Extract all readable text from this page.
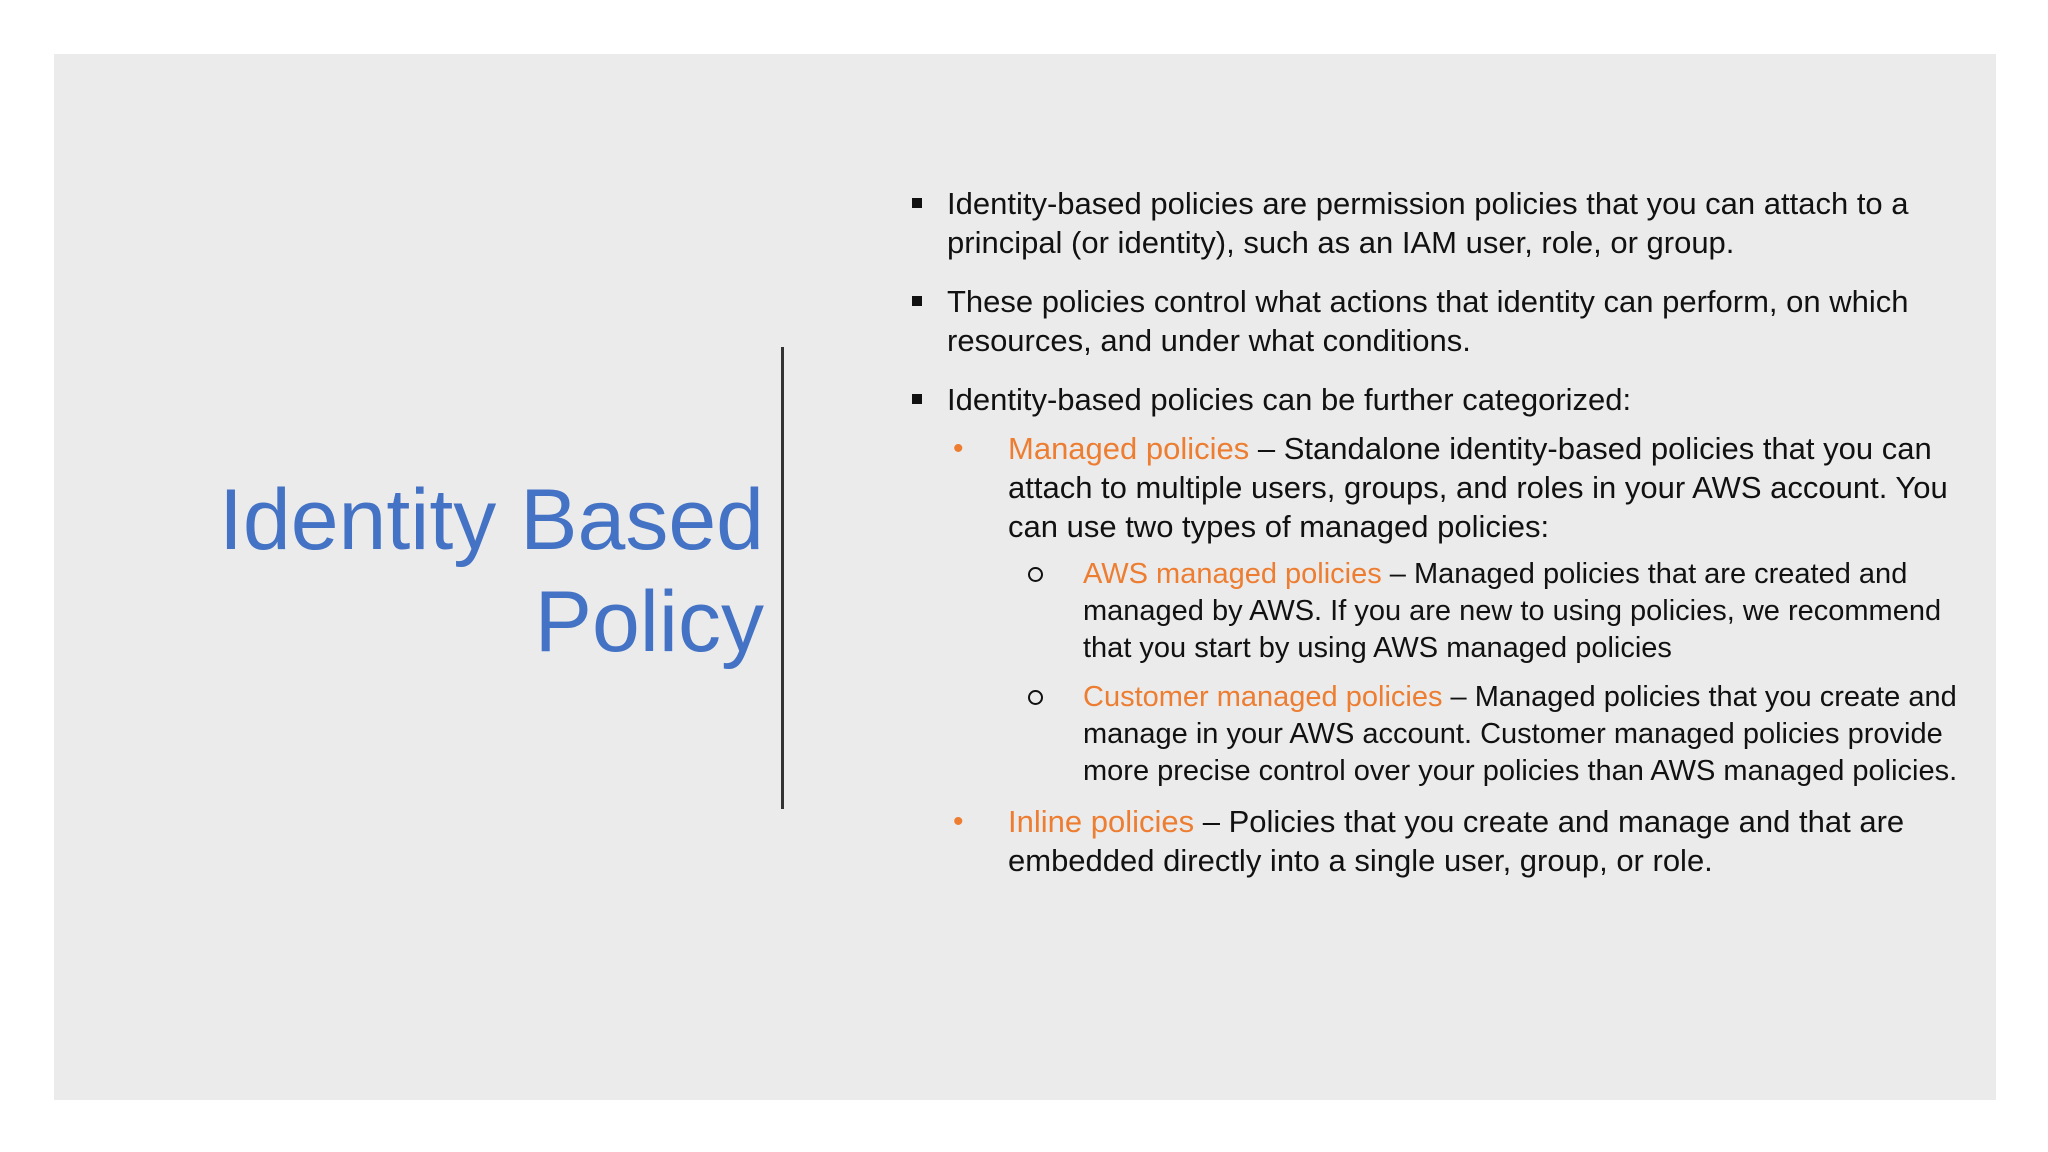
Identity Based
Policy
Identity-based policies are permission policies that you can attach to a principal (or identity), such as an IAM user, role, or group.
These policies control what actions that identity can perform, on which resources, and under what conditions.
Identity-based policies can be further categorized:
• Managed policies – Standalone identity-based policies that you can attach to multiple users, groups, and roles in your AWS account. You can use two types of managed policies:
AWS managed policies – Managed policies that are created and managed by AWS. If you are new to using policies, we recommend that you start by using AWS managed policies
Customer managed policies – Managed policies that you create and manage in your AWS account. Customer managed policies provide more precise control over your policies than AWS managed policies.
• Inline policies – Policies that you create and manage and that are embedded directly into a single user, group, or role.
